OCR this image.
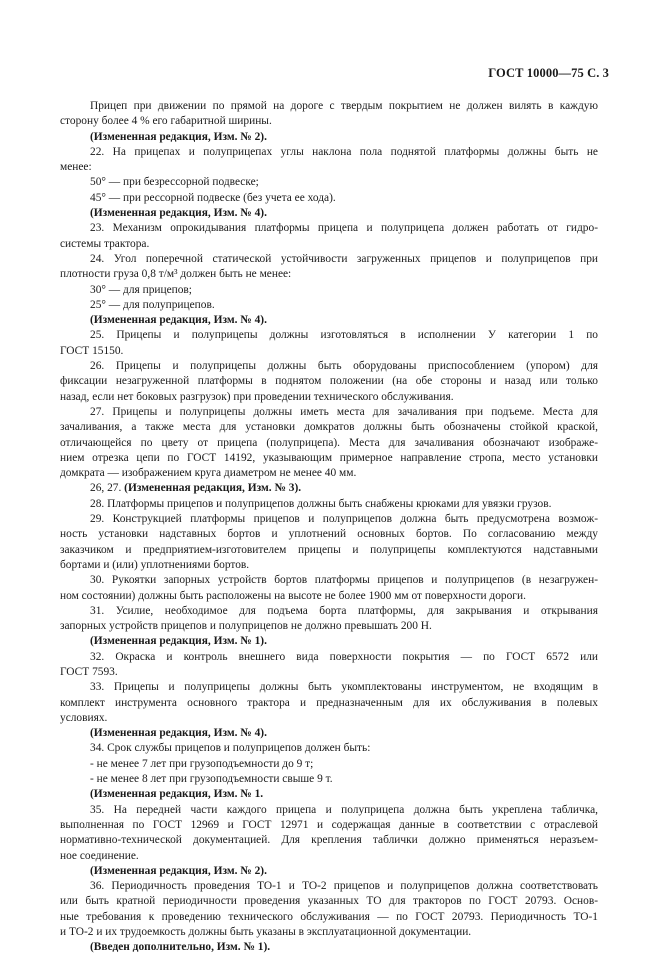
ГОСТ 10000—75 С. 3
Прицеп при движении по прямой на дороге с твердым покрытием не должен вилять в каждую
сторону более 4 % его габаритной ширины.
(Измененная редакция, Изм. № 2).
22. На прицепах и полуприцепах углы наклона пола поднятой платформы должны быть не
менее:
50° — при безрессорной подвеске;
45° — при рессорной подвеске (без учета ее хода).
(Измененная редакция, Изм. № 4).
23. Механизм опрокидывания платформы прицепа и полуприцепа должен работать от гидро-
системы трактора.
24. Угол поперечной статической устойчивости загруженных прицепов и полуприцепов при
плотности груза 0,8 т/м³ должен быть не менее:
30° — для прицепов;
25° — для полуприцепов.
(Измененная редакция, Изм. № 4).
25. Прицепы и полуприцепы должны изготовляться в исполнении У категории 1 по
ГОСТ 15150.
26. Прицепы и полуприцепы должны быть оборудованы приспособлением (упором) для
фиксации незагруженной платформы в поднятом положении (на обе стороны и назад или только
назад, если нет боковых разгрузок) при проведении технического обслуживания.
27. Прицепы и полуприцепы должны иметь места для зачаливания при подъеме. Места для
зачаливания, а также места для установки домкратов должны быть обозначены стойкой краской,
отличающейся по цвету от прицепа (полуприцепа). Места для зачаливания обозначают изображе-
нием отрезка цепи по ГОСТ 14192, указывающим примерное направление стропа, место установки
домкрата — изображением круга диаметром не менее 40 мм.
26, 27. (Измененная редакция, Изм. № 3).
28. Платформы прицепов и полуприцепов должны быть снабжены крюками для увязки грузов.
29. Конструкцией платформы прицепов и полуприцепов должна быть предусмотрена возмож-
ность установки надставных бортов и уплотнений основных бортов. По согласованию между
заказчиком и предприятием-изготовителем прицепы и полуприцепы комплектуются надставными
бортами и (или) уплотнениями бортов.
30. Рукоятки запорных устройств бортов платформы прицепов и полуприцепов (в незагружен-
ном состоянии) должны быть расположены на высоте не более 1900 мм от поверхности дороги.
31. Усилие, необходимое для подъема борта платформы, для закрывания и открывания
запорных устройств прицепов и полуприцепов не должно превышать 200 Н.
(Измененная редакция, Изм. № 1).
32. Окраска и контроль внешнего вида поверхности покрытия — по ГОСТ 6572 или
ГОСТ 7593.
33. Прицепы и полуприцепы должны быть укомплектованы инструментом, не входящим в
комплект инструмента основного трактора и предназначенным для их обслуживания в полевых
условиях.
(Измененная редакция, Изм. № 4).
34. Срок службы прицепов и полуприцепов должен быть:
- не менее 7 лет при грузоподъемности до 9 т;
- не менее 8 лет при грузоподъемности свыше 9 т.
(Измененная редакция, Изм. № 1.
35. На передней части каждого прицепа и полуприцепа должна быть укреплена табличка,
выполненная по ГОСТ 12969 и ГОСТ 12971 и содержащая данные в соответствии с отраслевой
нормативно-технической документацией. Для крепления таблички должно применяться неразъем-
ное соединение.
(Измененная редакция, Изм. № 2).
36. Периодичность проведения ТО-1 и ТО-2 прицепов и полуприцепов должна соответствовать
или быть кратной периодичности проведения указанных ТО для тракторов по ГОСТ 20793. Основ-
ные требования к проведению технического обслуживания — по ГОСТ 20793. Периодичность ТО-1
и ТО-2 и их трудоемкость должны быть указаны в эксплуатационной документации.
(Введен дополнительно, Изм. № 1).
